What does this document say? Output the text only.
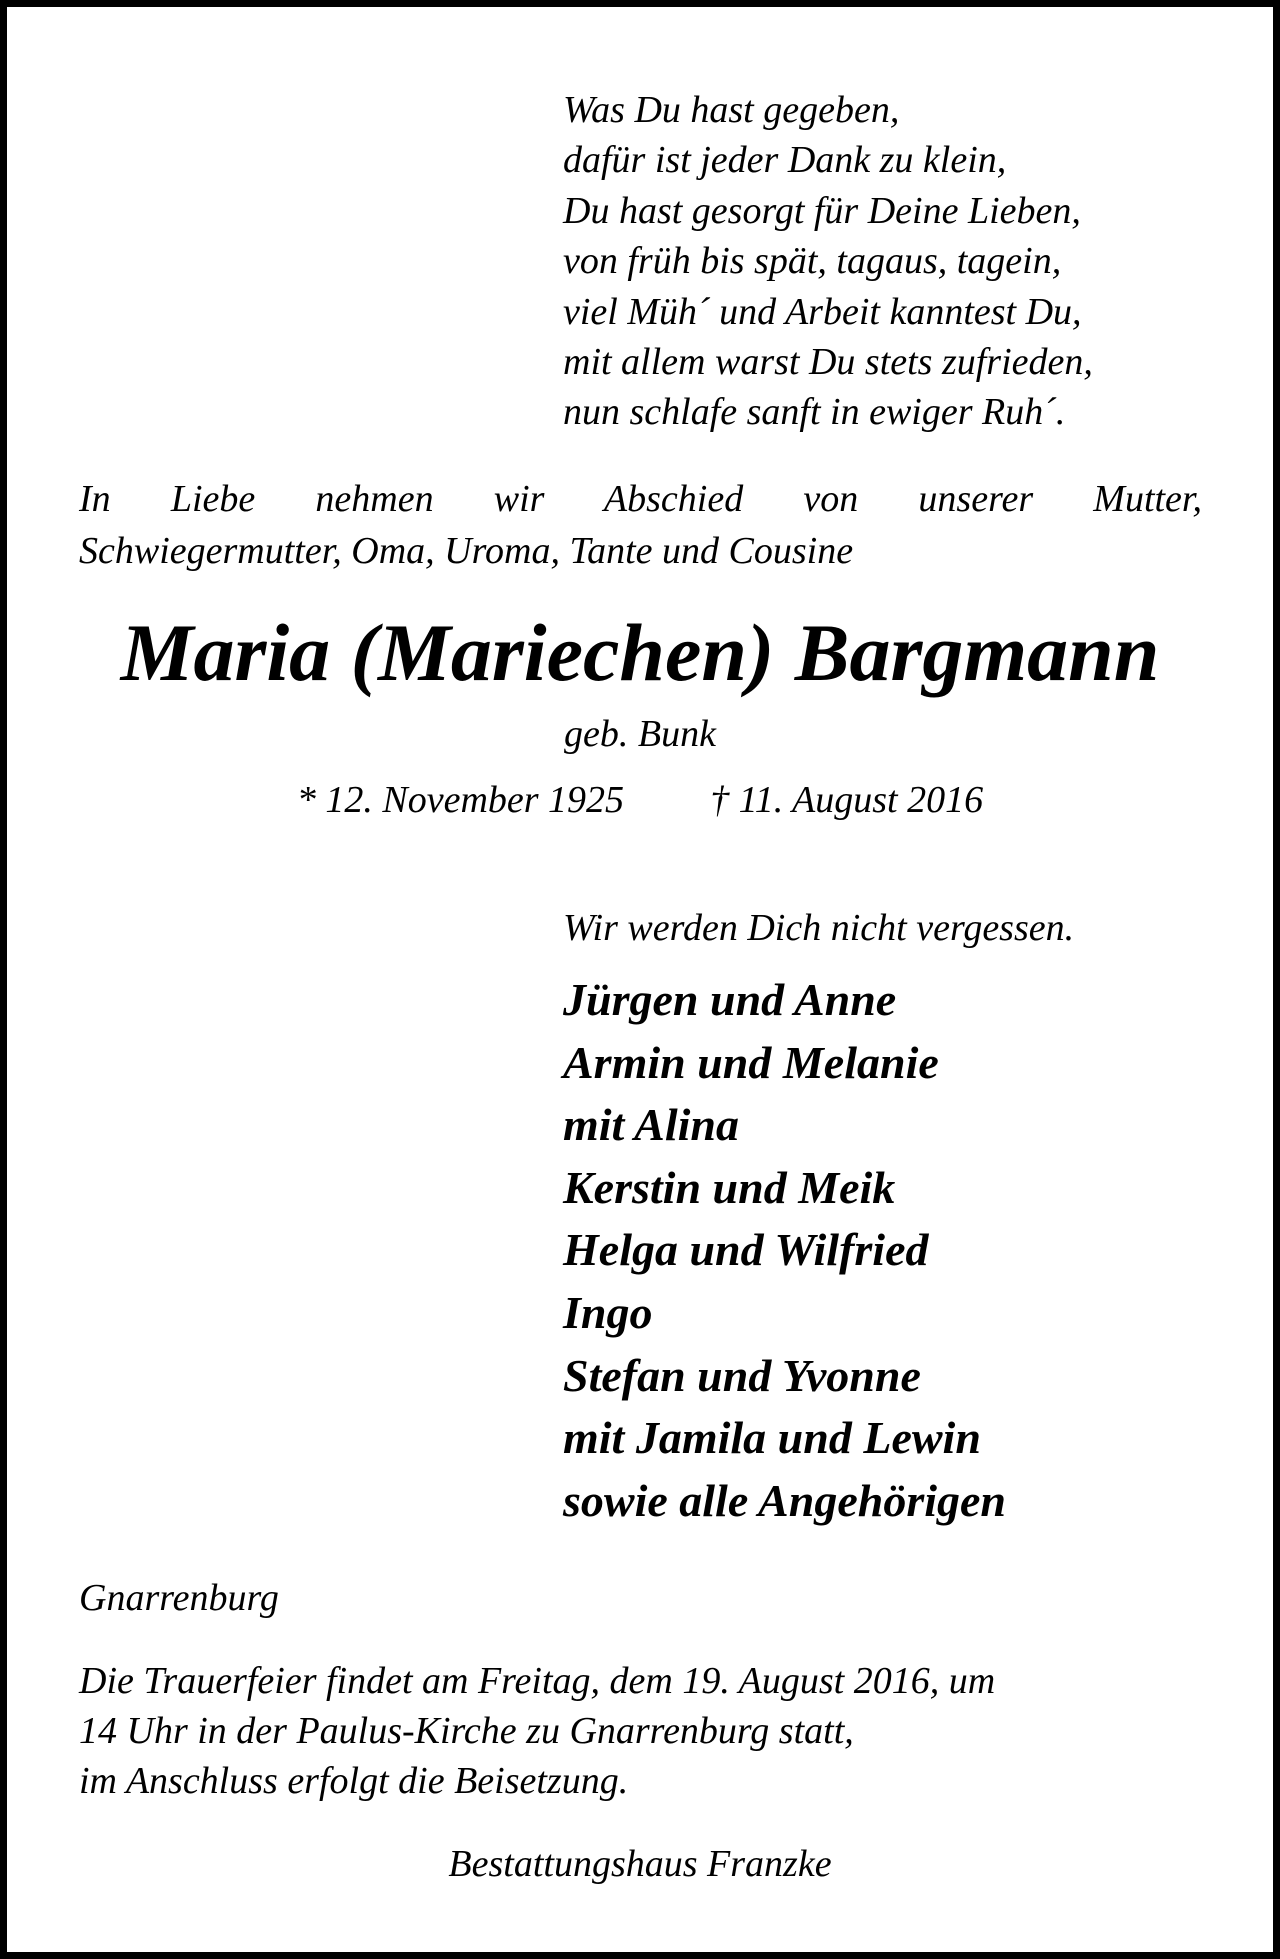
Was Du hast gegeben,
dafür ist jeder Dank zu klein,
Du hast gesorgt für Deine Lieben,
von früh bis spät, tagaus, tagein,
viel Müh´ und Arbeit kanntest Du,
mit allem warst Du stets zufrieden,
nun schlafe sanft in ewiger Ruh´.
In Liebe nehmen wir Abschied von unserer Mutter,
Schwiegermutter, Oma, Uroma, Tante und Cousine
Maria (Mariechen) Bargmann
geb. Bunk
* 12. November 1925 † 11. August 2016
Wir werden Dich nicht vergessen.
Jürgen und Anne
Armin und Melanie
mit Alina
Kerstin und Meik
Helga und Wilfried
Ingo
Stefan und Yvonne
mit Jamila und Lewin
sowie alle Angehörigen
Gnarrenburg
Die Trauerfeier findet am Freitag, dem 19. August 2016, um
14 Uhr in der Paulus-Kirche zu Gnarrenburg statt,
im Anschluss erfolgt die Beisetzung.
Bestattungshaus Franzke
